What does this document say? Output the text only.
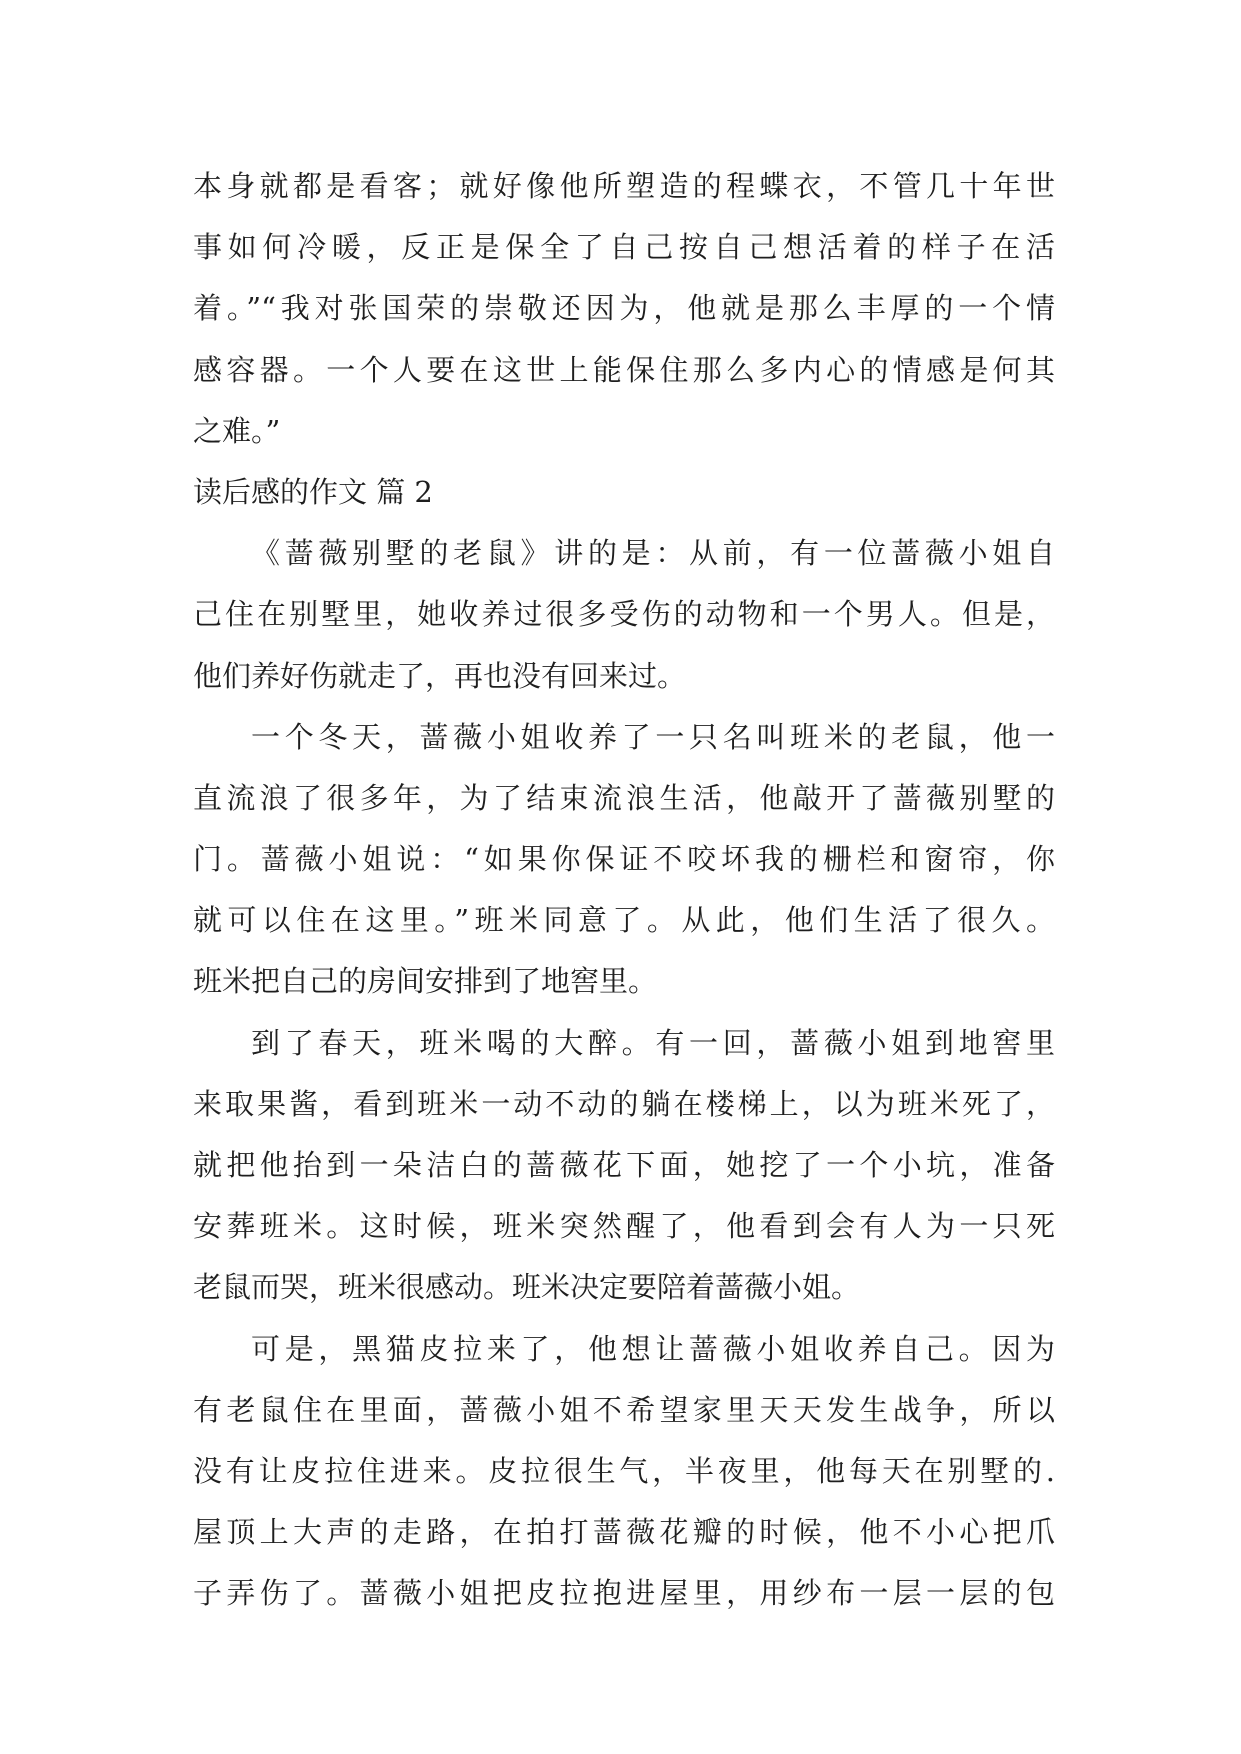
本身就都是看客；就好像他所塑造的程蝶衣，不管几十年世
事如何冷暖，反正是保全了自己按自己想活着的样子在活
着。”“我对张国荣的崇敬还因为，他就是那么丰厚的一个情
感容器。一个人要在这世上能保住那么多内心的情感是何其
之难。”
读后感的作文 篇 2
《蔷薇别墅的老鼠》讲的是：从前，有一位蔷薇小姐自
己住在别墅里，她收养过很多受伤的动物和一个男人。但是，
他们养好伤就走了，再也没有回来过。
一个冬天，蔷薇小姐收养了一只名叫班米的老鼠，他一
直流浪了很多年，为了结束流浪生活，他敲开了蔷薇别墅的
门。蔷薇小姐说：“如果你保证不咬坏我的栅栏和窗帘，你
就可以住在这里。”班米同意了。从此，他们生活了很久。
班米把自己的房间安排到了地窖里。
到了春天，班米喝的大醉。有一回，蔷薇小姐到地窖里
来取果酱，看到班米一动不动的躺在楼梯上，以为班米死了，
就把他抬到一朵洁白的蔷薇花下面，她挖了一个小坑，准备
安葬班米。这时候，班米突然醒了，他看到会有人为一只死
老鼠而哭，班米很感动。班米决定要陪着蔷薇小姐。
可是，黑猫皮拉来了，他想让蔷薇小姐收养自己。因为
有老鼠住在里面，蔷薇小姐不希望家里天天发生战争，所以
没有让皮拉住进来。皮拉很生气，半夜里，他每天在别墅的.
屋顶上大声的走路，在拍打蔷薇花瓣的时候，他不小心把爪
子弄伤了。蔷薇小姐把皮拉抱进屋里，用纱布一层一层的包
